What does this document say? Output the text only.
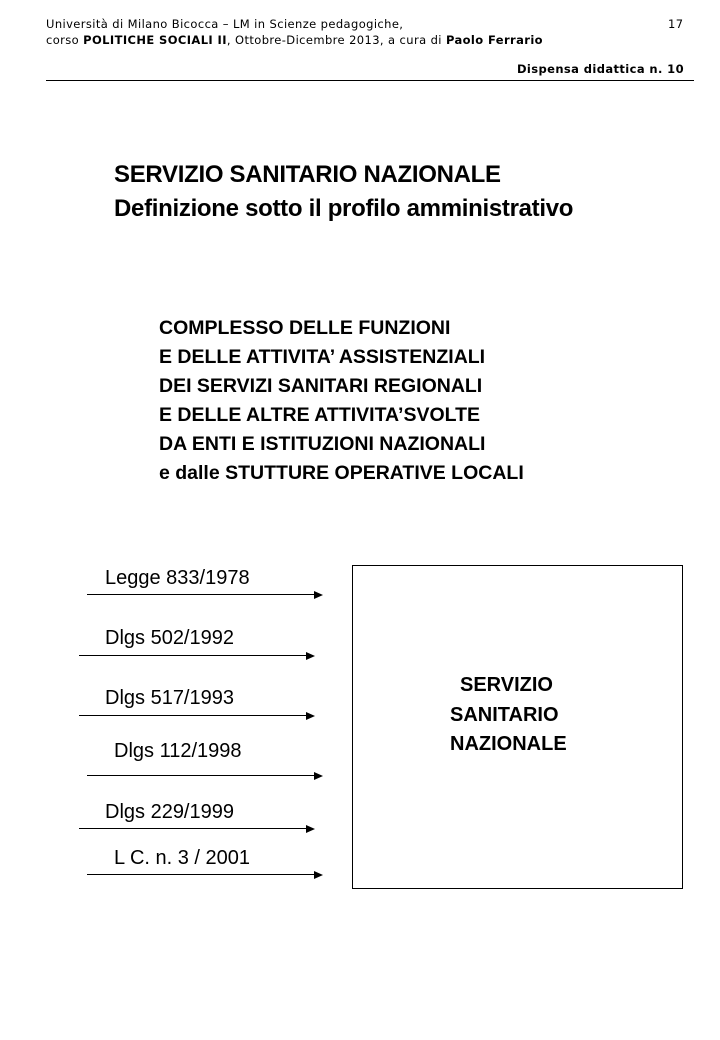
Università di Milano Bicocca – LM in Scienze pedagogiche,
corso POLITICHE SOCIALI II, Ottobre-Dicembre 2013, a cura di Paolo Ferrario
17
Dispensa didattica n. 10
SERVIZIO SANITARIO NAZIONALE
Definizione sotto il profilo amministrativo
COMPLESSO DELLE FUNZIONI
E DELLE ATTIVITA’ ASSISTENZIALI
DEI SERVIZI SANITARI REGIONALI
E DELLE ALTRE ATTIVITA’SVOLTE
DA ENTI E ISTITUZIONI NAZIONALI
e dalle STUTTURE OPERATIVE LOCALI
Legge 833/1978
Dlgs 502/1992
Dlgs 517/1993
Dlgs 112/1998
Dlgs 229/1999
L C. n. 3 / 2001
SERVIZIO
SANITARIO
NAZIONALE
